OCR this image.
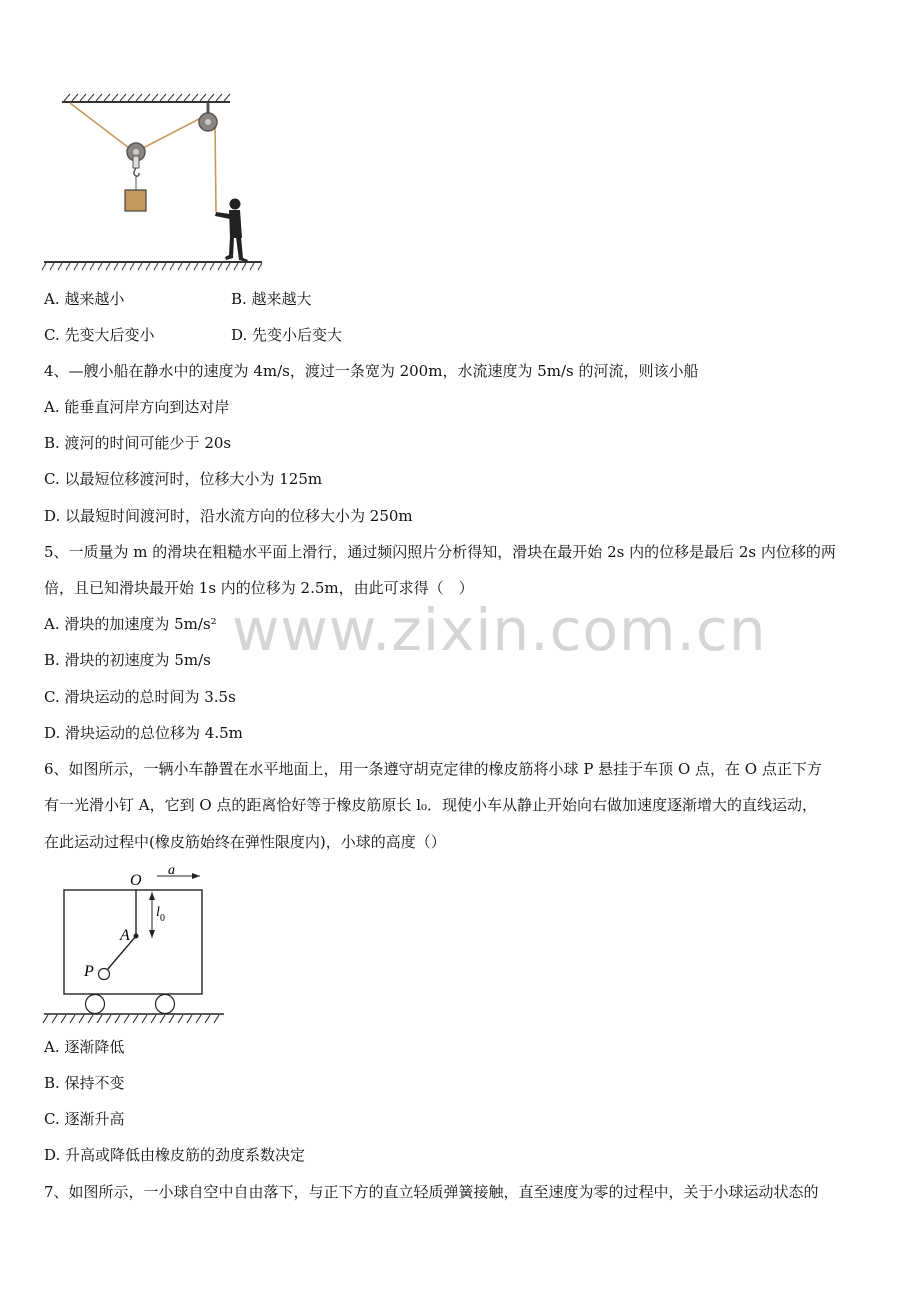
www.zixin.com.cn
A. 越来越小	B. 越来越大
C. 先变大后变小	D. 先变小后变大
4、—艘小船在静水中的速度为 4m/s，渡过一条宽为 200m，水流速度为 5m/s 的河流，则该小船
A. 能垂直河岸方向到达对岸
B. 渡河的时间可能少于 20s
C. 以最短位移渡河时，位移大小为 125m
D. 以最短时间渡河时，沿水流方向的位移大小为 250m
5、一质量为 m 的滑块在粗糙水平面上滑行，通过频闪照片分析得知，滑块在最开始 2s 内的位移是最后 2s 内位移的两
倍，且已知滑块最开始 1s 内的位移为 2.5m，由此可求得（　）
A. 滑块的加速度为 5m/s²
B. 滑块的初速度为 5m/s
C. 滑块运动的总时间为 3.5s
D. 滑块运动的总位移为 4.5m
6、如图所示，一辆小车静置在水平地面上，用一条遵守胡克定律的橡皮筋将小球 P 悬挂于车顶 O 点，在 O 点正下方
有一光滑小钉 A，它到 O 点的距离恰好等于橡皮筋原长 l₀．现使小车从静止开始向右做加速度逐渐增大的直线运动，
在此运动过程中(橡皮筋始终在弹性限度内)，小球的高度（）
O
a
l 0
A
P
A. 逐渐降低
B. 保持不变
C. 逐渐升高
D. 升高或降低由橡皮筋的劲度系数决定
7、如图所示，一小球自空中自由落下，与正下方的直立轻质弹簧接触，直至速度为零的过程中，关于小球运动状态的
